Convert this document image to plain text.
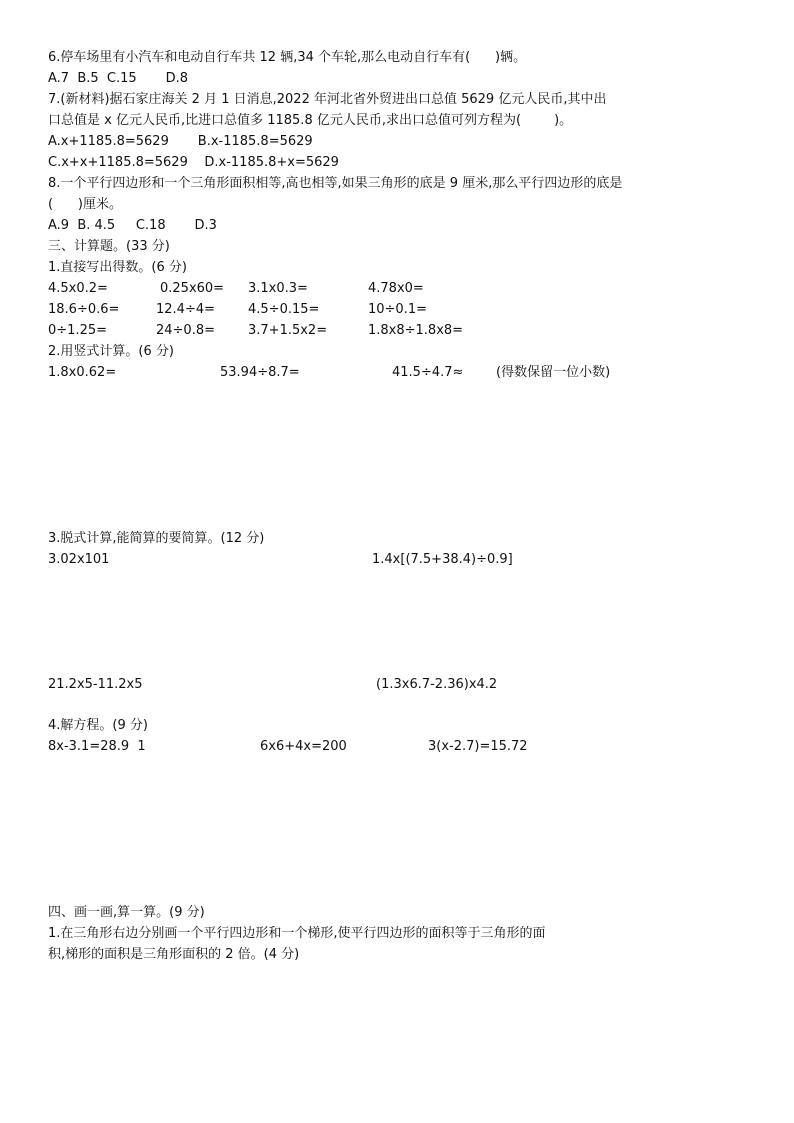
6.停车场里有小汽车和电动自行车共 12 辆,34 个车轮,那么电动自行车有(      )辆。
A.7  B.5  C.15       D.8
7.(新材料)据石家庄海关 2 月 1 日消息,2022 年河北省外贸进出口总值 5629 亿元人民币,其中出
口总值是 x 亿元人民币,比进口总值多 1185.8 亿元人民币,求出口总值可列方程为(        )。
A.x+1185.8=5629       B.x-1185.8=5629
C.x+x+1185.8=5629    D.x-1185.8+x=5629
8.一个平行四边形和一个三角形面积相等,高也相等,如果三角形的底是 9 厘米,那么平行四边形的底是
(      )厘米。
A.9  B. 4.5     C.18       D.3
三、计算题。(33 分)
1.直接写出得数。(6 分)
4.5x0.2=	0.25x60= 3.1x0.3=	4.78x0=
18.6÷0.6=	12.4÷4=	4.5÷0.15=	10÷0.1=
0÷1.25=	24÷0.8=	3.7+1.5x2=	1.8x8÷1.8x8=
2.用竖式计算。(6 分)
1.8x0.62=	53.94÷8.7=	41.5÷4.7≈	(得数保留一位小数)
3.脱式计算,能简算的要简算。(12 分)
3.02x101	1.4x[(7.5+38.4)÷0.9]
21.2x5-11.2x5	(1.3x6.7-2.36)x4.2
4.解方程。(9 分)
8x-3.1=28.9  1	6x6+4x=200	3(x-2.7)=15.72
四、画一画,算一算。(9 分)
1.在三角形右边分别画一个平行四边形和一个梯形,使平行四边形的面积等于三角形的面
积,梯形的面积是三角形面积的 2 倍。(4 分)
